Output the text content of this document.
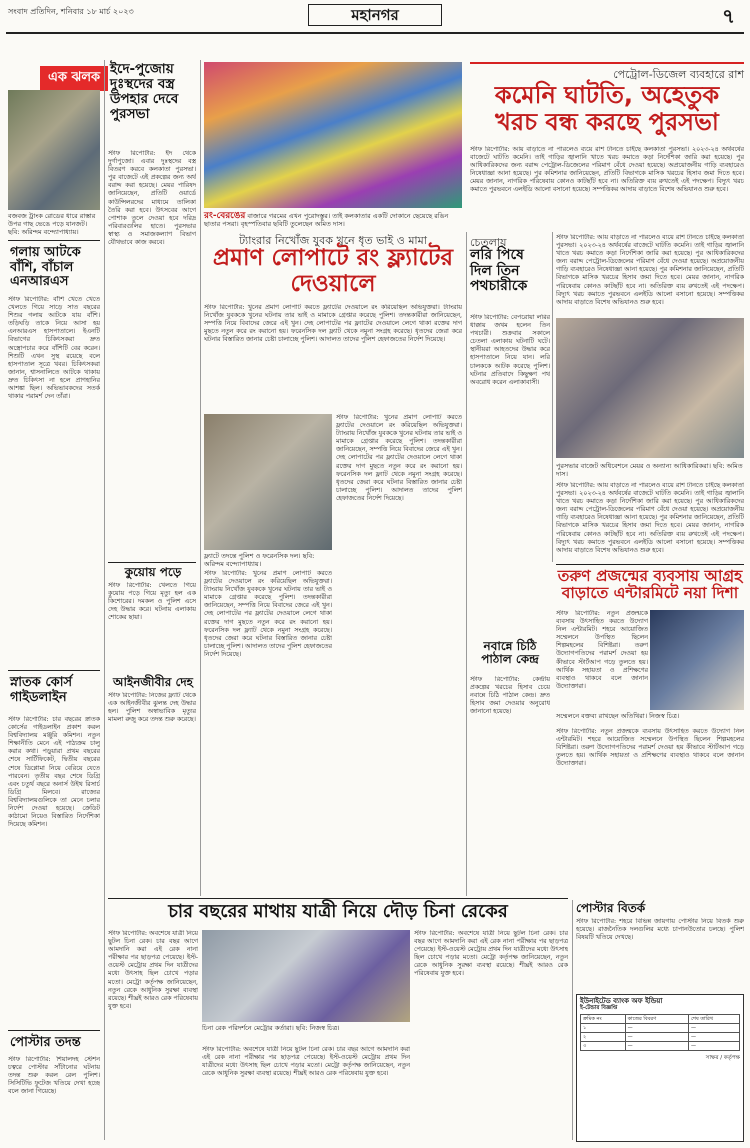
সংবাদ প্রতিদিন, শনিবার ১৮ মার্চ ২০২৩	মহানগর	৭
এক ঝলক
বজবজ ট্রাংক রোডের ধারে রাস্তার উপর গাছ ভেঙে পড়ে যানজট। ছবি: অরিন্দম বন্দ্যোপাধ্যায়।
গলায় আটকে বাঁশি, বাঁচাল এনআরএস
স্টাফ রিপোর্টার: বাঁশি খেতে খেতে খেলতে গিয়ে সাড়ে সাত বছরের শিশুর গলায় আটকে যায় বাঁশি। তড়িঘড়ি তাকে নিয়ে আসা হয় এনআরএস হাসপাতালে। ইএনটি বিভাগের চিকিৎসকরা দ্রুত অস্ত্রোপচার করে বাঁশিটি বের করেন। শিশুটি এখন সুস্থ রয়েছে বলে হাসপাতাল সূত্রে খবর। চিকিৎসকরা জানান, শ্বাসনালিতে আটকে থাকায় দ্রুত চিকিৎসা না হলে প্রাণহানির আশঙ্কা ছিল। অভিভাবকদের সতর্ক থাকার পরামর্শ দেন তাঁরা।
স্নাতক কোর্স গাইডলাইন
স্টাফ রিপোর্টার: চার বছরের স্নাতক কোর্সের গাইডলাইন প্রকাশ করল বিশ্ববিদ্যালয় মঞ্জুরি কমিশন। নতুন শিক্ষানীতি মেনে এই পাঠ্যক্রম চালু করার কথা। পড়ুয়ারা প্রথম বছরের শেষে সার্টিফিকেট, দ্বিতীয় বছরের শেষে ডিপ্লোমা নিয়ে বেরিয়ে যেতে পারবেন। তৃতীয় বছর শেষে ডিগ্রি এবং চতুর্থ বছরে অনার্স উইথ রিসার্চ ডিগ্রি মিলবে। রাজ্যের বিশ্ববিদ্যালয়গুলিকে তা মেনে চলার নির্দেশ দেওয়া হয়েছে। ক্রেডিট কাঠামো নিয়েও বিস্তারিত নির্দেশিকা দিয়েছে কমিশন।
পোস্টার তদন্ত
স্টাফ রিপোর্টার: শিয়ালদহ স্টেশন চত্বরে পোস্টার সাঁটানোর ঘটনায় তদন্ত শুরু করল রেল পুলিশ। সিসিটিভি ফুটেজ খতিয়ে দেখা হচ্ছে বলে জানা গিয়েছে।
ইদে-পুজোয় দুঃস্থদের বস্ত্র উপহার দেবে পুরসভা
স্টাফ রিপোর্টার: ইদ থেকে দুর্গাপুজো। এবার দুঃস্থদের বস্ত্র বিতরণ করবে কলকাতা পুরসভা। পুর বাজেটে এই প্রকল্পের জন্য অর্থ বরাদ্দ করা হয়েছে। মেয়র পারিষদ জানিয়েছেন, প্রতিটি ওয়ার্ডে কাউন্সিলরদের মাধ্যমে তালিকা তৈরি করা হবে। উৎসবের আগে পোশাক তুলে দেওয়া হবে দরিদ্র পরিবারগুলির হাতে। পুরসভার স্বাস্থ্য ও সমাজকল্যাণ বিভাগ যৌথভাবে কাজ করবে।
কুয়োয় পড়ে
স্টাফ রিপোর্টার: খেলতে গিয়ে কুয়োয় পড়ে গিয়ে মৃত্যু হল এক কিশোরের। দমকল ও পুলিশ এসে দেহ উদ্ধার করে। ঘটনায় এলাকায় শোকের ছায়া।
আইনজীবীর দেহ
স্টাফ রিপোর্টার: নিজের ফ্ল্যাট থেকে এক আইনজীবীর ঝুলন্ত দেহ উদ্ধার হল। পুলিশ অস্বাভাবিক মৃত্যুর মামলা রুজু করে তদন্ত শুরু করেছে।
রং-বেরঙের বাজারে গরমের এখন পুরোদস্তুর। তাই কলকাতার একটি দোকানে ছেয়েছে রঙিন ছাতার পসরা। বৃহস্পতিবার ছবিটি তুলেছেন অমিত দাস।
ট্যাংরার নিখোঁজ যুবক খুনে ধৃত ভাই ও মামা
প্রমাণ লোপাটে রং ফ্ল্যাটের দেওয়ালে
স্টাফ রিপোর্টার: খুনের প্রমাণ লোপাট করতে ফ্ল্যাটের দেওয়ালে রং করিয়েছিল অভিযুক্তরা। ট্যাংরায় নিখোঁজ যুবককে খুনের ঘটনায় তার ভাই ও মামাকে গ্রেপ্তার করেছে পুলিশ। তদন্তকারীরা জানিয়েছেন, সম্পত্তি নিয়ে বিবাদের জেরে এই খুন। দেহ লোপাটের পর ফ্ল্যাটের দেওয়ালে লেগে থাকা রক্তের দাগ মুছতে নতুন করে রং করানো হয়। ফরেনসিক দল ফ্ল্যাট থেকে নমুনা সংগ্রহ করেছে। ধৃতদের জেরা করে ঘটনার বিস্তারিত জানার চেষ্টা চালাচ্ছে পুলিশ। আদালত তাদের পুলিশ হেফাজতের নির্দেশ দিয়েছে।
ফ্ল্যাটে তদন্তে পুলিশ ও ফরেনসিক দল। ছবি: অরিন্দম বন্দ্যোপাধ্যায়।
স্টাফ রিপোর্টার: খুনের প্রমাণ লোপাট করতে ফ্ল্যাটের দেওয়ালে রং করিয়েছিল অভিযুক্তরা। ট্যাংরায় নিখোঁজ যুবককে খুনের ঘটনায় তার ভাই ও মামাকে গ্রেপ্তার করেছে পুলিশ। তদন্তকারীরা জানিয়েছেন, সম্পত্তি নিয়ে বিবাদের জেরে এই খুন। দেহ লোপাটের পর ফ্ল্যাটের দেওয়ালে লেগে থাকা রক্তের দাগ মুছতে নতুন করে রং করানো হয়। ফরেনসিক দল ফ্ল্যাট থেকে নমুনা সংগ্রহ করেছে। ধৃতদের জেরা করে ঘটনার বিস্তারিত জানার চেষ্টা চালাচ্ছে পুলিশ। আদালত তাদের পুলিশ হেফাজতের নির্দেশ দিয়েছে।
স্টাফ রিপোর্টার: খুনের প্রমাণ লোপাট করতে ফ্ল্যাটের দেওয়ালে রং করিয়েছিল অভিযুক্তরা। ট্যাংরায় নিখোঁজ যুবককে খুনের ঘটনায় তার ভাই ও মামাকে গ্রেপ্তার করেছে পুলিশ। তদন্তকারীরা জানিয়েছেন, সম্পত্তি নিয়ে বিবাদের জেরে এই খুন। দেহ লোপাটের পর ফ্ল্যাটের দেওয়ালে লেগে থাকা রক্তের দাগ মুছতে নতুন করে রং করানো হয়। ফরেনসিক দল ফ্ল্যাট থেকে নমুনা সংগ্রহ করেছে। ধৃতদের জেরা করে ঘটনার বিস্তারিত জানার চেষ্টা চালাচ্ছে পুলিশ। আদালত তাদের পুলিশ হেফাজতের নির্দেশ দিয়েছে।
চেতলায়
লরি পিষে দিল তিন পথচারীকে
স্টাফ রিপোর্টার: বেপরোয়া লরির ধাক্কায় জখম হলেন তিন পথচারী। শুক্রবার সকালে চেতলা এলাকায় ঘটনাটি ঘটে। স্থানীয়রা আহতদের উদ্ধার করে হাসপাতালে নিয়ে যান। লরি চালককে আটক করেছে পুলিশ। ঘটনার প্রতিবাদে কিছুক্ষণ পথ অবরোধ করেন এলাকাবাসী।
নবান্নে চিঠি পাঠাল কেন্দ্র
স্টাফ রিপোর্টার: কেন্দ্রীয় প্রকল্পের খরচের হিসাব চেয়ে নবান্নে চিঠি পাঠাল কেন্দ্র। দ্রুত হিসাব জমা দেওয়ার অনুরোধ জানানো হয়েছে।
পেট্রোল-ডিজেল ব্যবহারে রাশ
কমেনি ঘাটতি, অহেতুক খরচ বন্ধ করছে পুরসভা
স্টাফ রিপোর্টার: আয় বাড়াতে না পারলেও ব্যয়ে রাশ টানতে চাইছে কলকাতা পুরসভা। ২০২৩-২৪ অর্থবর্ষের বাজেটে ঘাটতি কমেনি। তাই গাড়ির জ্বালানি খাতে খরচ কমাতে কড়া নির্দেশিকা জারি করা হয়েছে। পুর আধিকারিকদের জন্য বরাদ্দ পেট্রোল-ডিজেলের পরিমাণ বেঁধে দেওয়া হয়েছে। অপ্রয়োজনীয় গাড়ি ব্যবহারেও নিষেধাজ্ঞা আনা হয়েছে। পুর কমিশনার জানিয়েছেন, প্রতিটি বিভাগকে মাসিক খরচের হিসাব জমা দিতে হবে। মেয়র জানান, নাগরিক পরিষেবায় কোনও কাটছাঁট হবে না। অতিরিক্ত ব্যয় রুখতেই এই পদক্ষেপ। বিদ্যুৎ খরচ কমাতে পুরভবনে এলইডি আলো বসানো হয়েছে। সম্পত্তিকর আদায় বাড়াতে বিশেষ অভিযানও শুরু হবে।
স্টাফ রিপোর্টার: আয় বাড়াতে না পারলেও ব্যয়ে রাশ টানতে চাইছে কলকাতা পুরসভা। ২০২৩-২৪ অর্থবর্ষের বাজেটে ঘাটতি কমেনি। তাই গাড়ির জ্বালানি খাতে খরচ কমাতে কড়া নির্দেশিকা জারি করা হয়েছে। পুর আধিকারিকদের জন্য বরাদ্দ পেট্রোল-ডিজেলের পরিমাণ বেঁধে দেওয়া হয়েছে। অপ্রয়োজনীয় গাড়ি ব্যবহারেও নিষেধাজ্ঞা আনা হয়েছে। পুর কমিশনার জানিয়েছেন, প্রতিটি বিভাগকে মাসিক খরচের হিসাব জমা দিতে হবে। মেয়র জানান, নাগরিক পরিষেবায় কোনও কাটছাঁট হবে না। অতিরিক্ত ব্যয় রুখতেই এই পদক্ষেপ। বিদ্যুৎ খরচ কমাতে পুরভবনে এলইডি আলো বসানো হয়েছে। সম্পত্তিকর আদায় বাড়াতে বিশেষ অভিযানও শুরু হবে।
পুরসভার বাজেট অধিবেশনে মেয়র ও অন্যান্য আধিকারিকরা। ছবি: অমিত দাস।
স্টাফ রিপোর্টার: আয় বাড়াতে না পারলেও ব্যয়ে রাশ টানতে চাইছে কলকাতা পুরসভা। ২০২৩-২৪ অর্থবর্ষের বাজেটে ঘাটতি কমেনি। তাই গাড়ির জ্বালানি খাতে খরচ কমাতে কড়া নির্দেশিকা জারি করা হয়েছে। পুর আধিকারিকদের জন্য বরাদ্দ পেট্রোল-ডিজেলের পরিমাণ বেঁধে দেওয়া হয়েছে। অপ্রয়োজনীয় গাড়ি ব্যবহারেও নিষেধাজ্ঞা আনা হয়েছে। পুর কমিশনার জানিয়েছেন, প্রতিটি বিভাগকে মাসিক খরচের হিসাব জমা দিতে হবে। মেয়র জানান, নাগরিক পরিষেবায় কোনও কাটছাঁট হবে না। অতিরিক্ত ব্যয় রুখতেই এই পদক্ষেপ। বিদ্যুৎ খরচ কমাতে পুরভবনে এলইডি আলো বসানো হয়েছে। সম্পত্তিকর আদায় বাড়াতে বিশেষ অভিযানও শুরু হবে।
তরুণ প্রজন্মের ব্যবসায় আগ্রহ বাড়াতে এন্টারমিটে নয়া দিশা
স্টাফ রিপোর্টার: নতুন প্রজন্মকে ব্যবসায় উৎসাহিত করতে উদ্যোগ নিল এন্টারমিট। শহরে আয়োজিত সম্মেলনে উপস্থিত ছিলেন শিল্পমহলের বিশিষ্টরা। তরুণ উদ্যোগপতিদের পরামর্শ দেওয়া হয় কীভাবে স্টার্টআপ গড়ে তুলতে হয়। আর্থিক সহায়তা ও প্রশিক্ষণের ব্যবস্থাও থাকবে বলে জানান উদ্যোক্তারা।
সম্মেলনে বক্তব্য রাখছেন অতিথিরা। নিজস্ব চিত্র।
স্টাফ রিপোর্টার: নতুন প্রজন্মকে ব্যবসায় উৎসাহিত করতে উদ্যোগ নিল এন্টারমিট। শহরে আয়োজিত সম্মেলনে উপস্থিত ছিলেন শিল্পমহলের বিশিষ্টরা। তরুণ উদ্যোগপতিদের পরামর্শ দেওয়া হয় কীভাবে স্টার্টআপ গড়ে তুলতে হয়। আর্থিক সহায়তা ও প্রশিক্ষণের ব্যবস্থাও থাকবে বলে জানান উদ্যোক্তারা।
চার বছরের মাথায় যাত্রী নিয়ে দৌড় চিনা রেকের
স্টাফ রিপোর্টার: অবশেষে যাত্রী নিয়ে ছুটল চিনা রেক। চার বছর আগে আমদানি করা এই রেক নানা পরীক্ষার পর ছাড়পত্র পেয়েছে। ইস্ট-ওয়েস্ট মেট্রোয় প্রথম দিন যাত্রীদের মধ্যে উৎসাহ ছিল চোখে পড়ার মতো। মেট্রো কর্তৃপক্ষ জানিয়েছেন, নতুন রেকে আধুনিক সুরক্ষা ব্যবস্থা রয়েছে। শীঘ্রই আরও রেক পরিষেবায় যুক্ত হবে।
চিনা রেক পরিদর্শনে মেট্রোর কর্তারা। ছবি: নিজস্ব চিত্র।
স্টাফ রিপোর্টার: অবশেষে যাত্রী নিয়ে ছুটল চিনা রেক। চার বছর আগে আমদানি করা এই রেক নানা পরীক্ষার পর ছাড়পত্র পেয়েছে। ইস্ট-ওয়েস্ট মেট্রোয় প্রথম দিন যাত্রীদের মধ্যে উৎসাহ ছিল চোখে পড়ার মতো। মেট্রো কর্তৃপক্ষ জানিয়েছেন, নতুন রেকে আধুনিক সুরক্ষা ব্যবস্থা রয়েছে। শীঘ্রই আরও রেক পরিষেবায় যুক্ত হবে।
স্টাফ রিপোর্টার: অবশেষে যাত্রী নিয়ে ছুটল চিনা রেক। চার বছর আগে আমদানি করা এই রেক নানা পরীক্ষার পর ছাড়পত্র পেয়েছে। ইস্ট-ওয়েস্ট মেট্রোয় প্রথম দিন যাত্রীদের মধ্যে উৎসাহ ছিল চোখে পড়ার মতো। মেট্রো কর্তৃপক্ষ জানিয়েছেন, নতুন রেকে আধুনিক সুরক্ষা ব্যবস্থা রয়েছে। শীঘ্রই আরও রেক পরিষেবায় যুক্ত হবে।
পোস্টার বিতর্ক
স্টাফ রিপোর্টার: শহরে বিভিন্ন জায়গায় পোস্টার নিয়ে বিতর্ক শুরু হয়েছে। রাজনৈতিক দলগুলির মধ্যে চাপানউতোর চলছে। পুলিশ বিষয়টি খতিয়ে দেখছে।
ইউনাইটেড ব্যাংক অফ ইন্ডিয়া
ই-টেন্ডার বিজ্ঞপ্তি
ক্রমিক নং	কাজের বিবরণ	শেষ তারিখ
১	—	—
২	—	—
৩	—	—
সাক্ষর / কর্তৃপক্ষ
